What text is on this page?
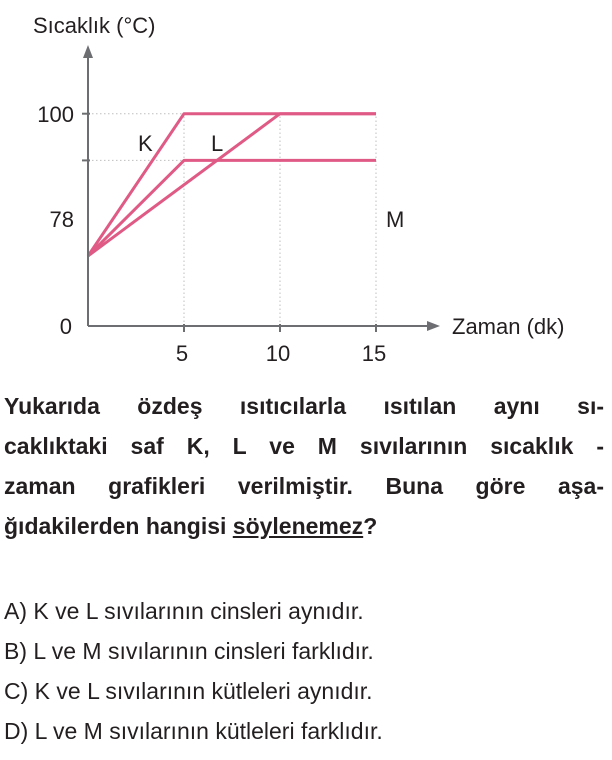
Sıcaklık (°C)
Zaman (dk)
0
78
100
5	10	15
K	L
M
Yukarıda özdeş ısıtıcılarla ısıtılan aynı sı-
caklıktaki saf K, L ve M sıvılarının sıcaklık -
zaman grafikleri verilmiştir. Buna göre aşa-
ğıdakilerden hangisi söylenemez?
A) K ve L sıvılarının cinsleri aynıdır.
B) L ve M sıvılarının cinsleri farklıdır.
C) K ve L sıvılarının kütleleri aynıdır.
D) L ve M sıvılarının kütleleri farklıdır.
